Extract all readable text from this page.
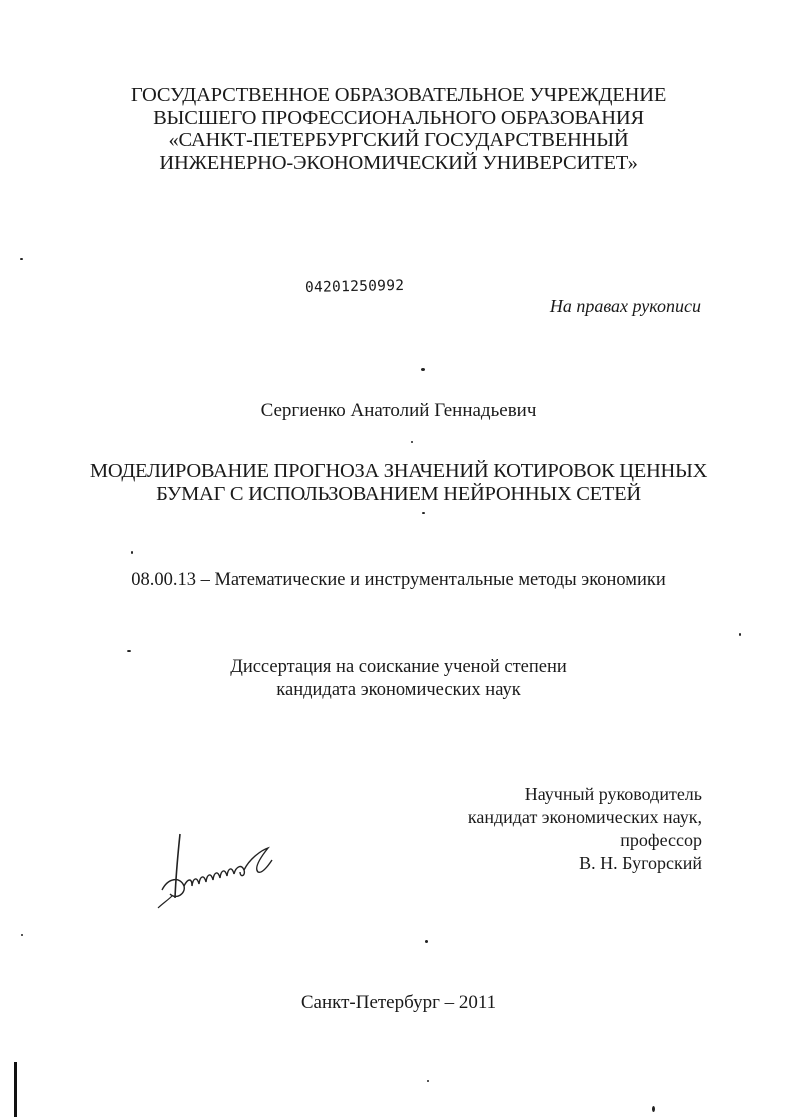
ГОСУДАРСТВЕННОЕ ОБРАЗОВАТЕЛЬНОЕ УЧРЕЖДЕНИЕ
ВЫСШЕГО ПРОФЕССИОНАЛЬНОГО ОБРАЗОВАНИЯ
«САНКТ-ПЕТЕРБУРГСКИЙ ГОСУДАРСТВЕННЫЙ
ИНЖЕНЕРНО-ЭКОНОМИЧЕСКИЙ УНИВЕРСИТЕТ»
04201250992
На правах рукописи
Сергиенко Анатолий Геннадьевич
МОДЕЛИРОВАНИЕ ПРОГНОЗА ЗНАЧЕНИЙ КОТИРОВОК ЦЕННЫХ
БУМАГ С ИСПОЛЬЗОВАНИЕМ НЕЙРОННЫХ СЕТЕЙ
08.00.13 – Математические и инструментальные методы экономики
Диссертация на соискание ученой степени
кандидата экономических наук
Научный руководитель
кандидат экономических наук,
профессор
В. Н. Бугорский
Санкт-Петербург – 2011
